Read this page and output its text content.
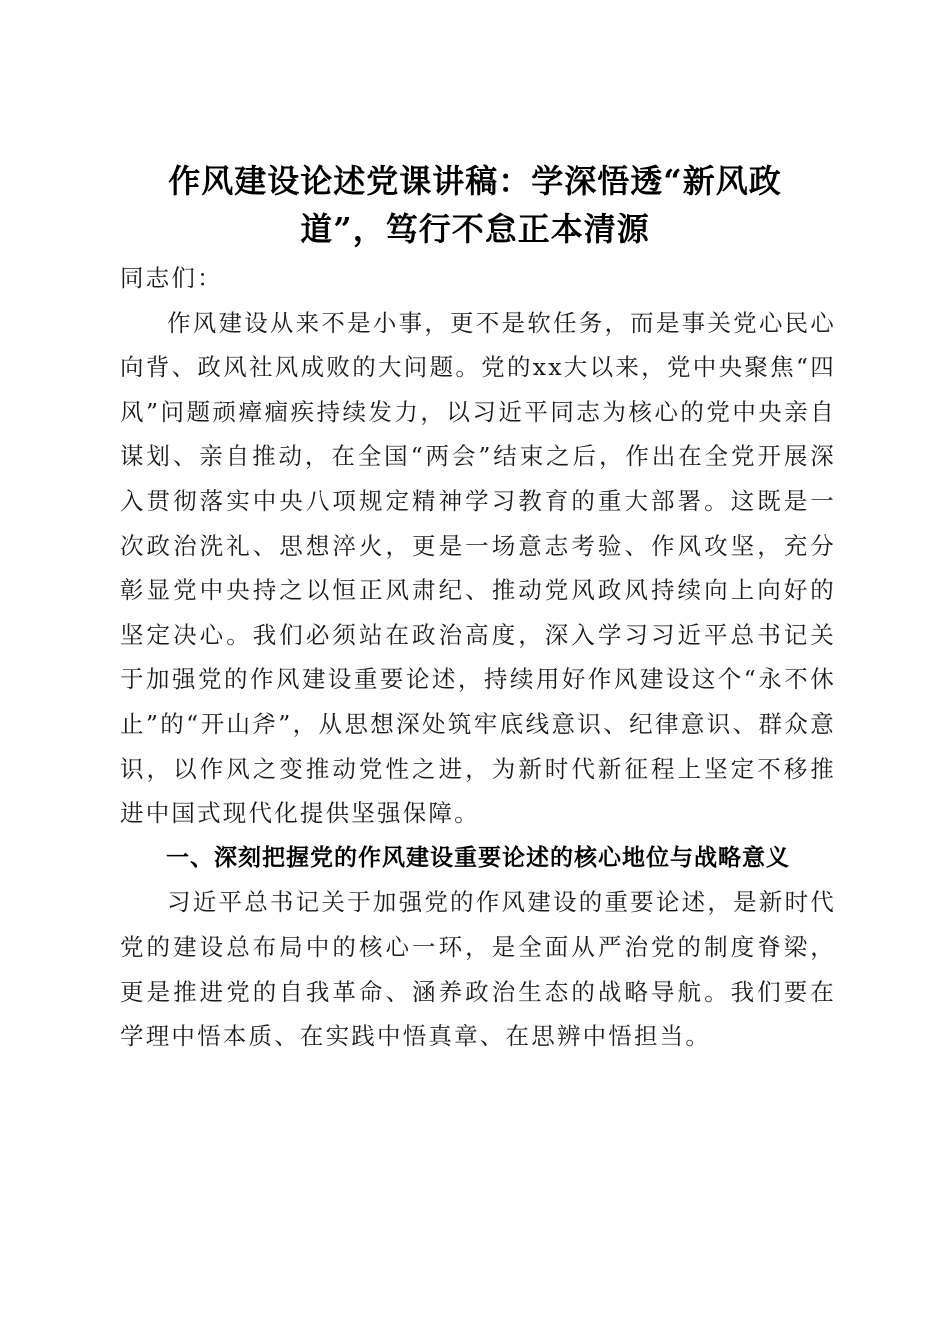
作风建设论述党课讲稿：学深悟透“新风政
道”，笃行不怠正本清源

同志们：

作风建设从来不是小事，更不是软任务，而是事关党心民心向背、政风社风成败的大问题。党的xx大以来，党中央聚焦“四风”问题顽瘴痼疾持续发力，以习近平同志为核心的党中央亲自谋划、亲自推动，在全国“两会”结束之后，作出在全党开展深入贯彻落实中央八项规定精神学习教育的重大部署。这既是一次政治洗礼、思想淬火，更是一场意志考验、作风攻坚，充分彰显党中央持之以恒正风肃纪、推动党风政风持续向上向好的坚定决心。我们必须站在政治高度，深入学习习近平总书记关于加强党的作风建设重要论述，持续用好作风建设这个“永不休止”的“开山斧”，从思想深处筑牢底线意识、纪律意识、群众意识，以作风之变推动党性之进，为新时代新征程上坚定不移推进中国式现代化提供坚强保障。

一、深刻把握党的作风建设重要论述的核心地位与战略意义

习近平总书记关于加强党的作风建设的重要论述，是新时代党的建设总布局中的核心一环，是全面从严治党的制度脊梁，更是推进党的自我革命、涵养政治生态的战略导航。我们要在学理中悟本质、在实践中悟真章、在思辨中悟担当。
